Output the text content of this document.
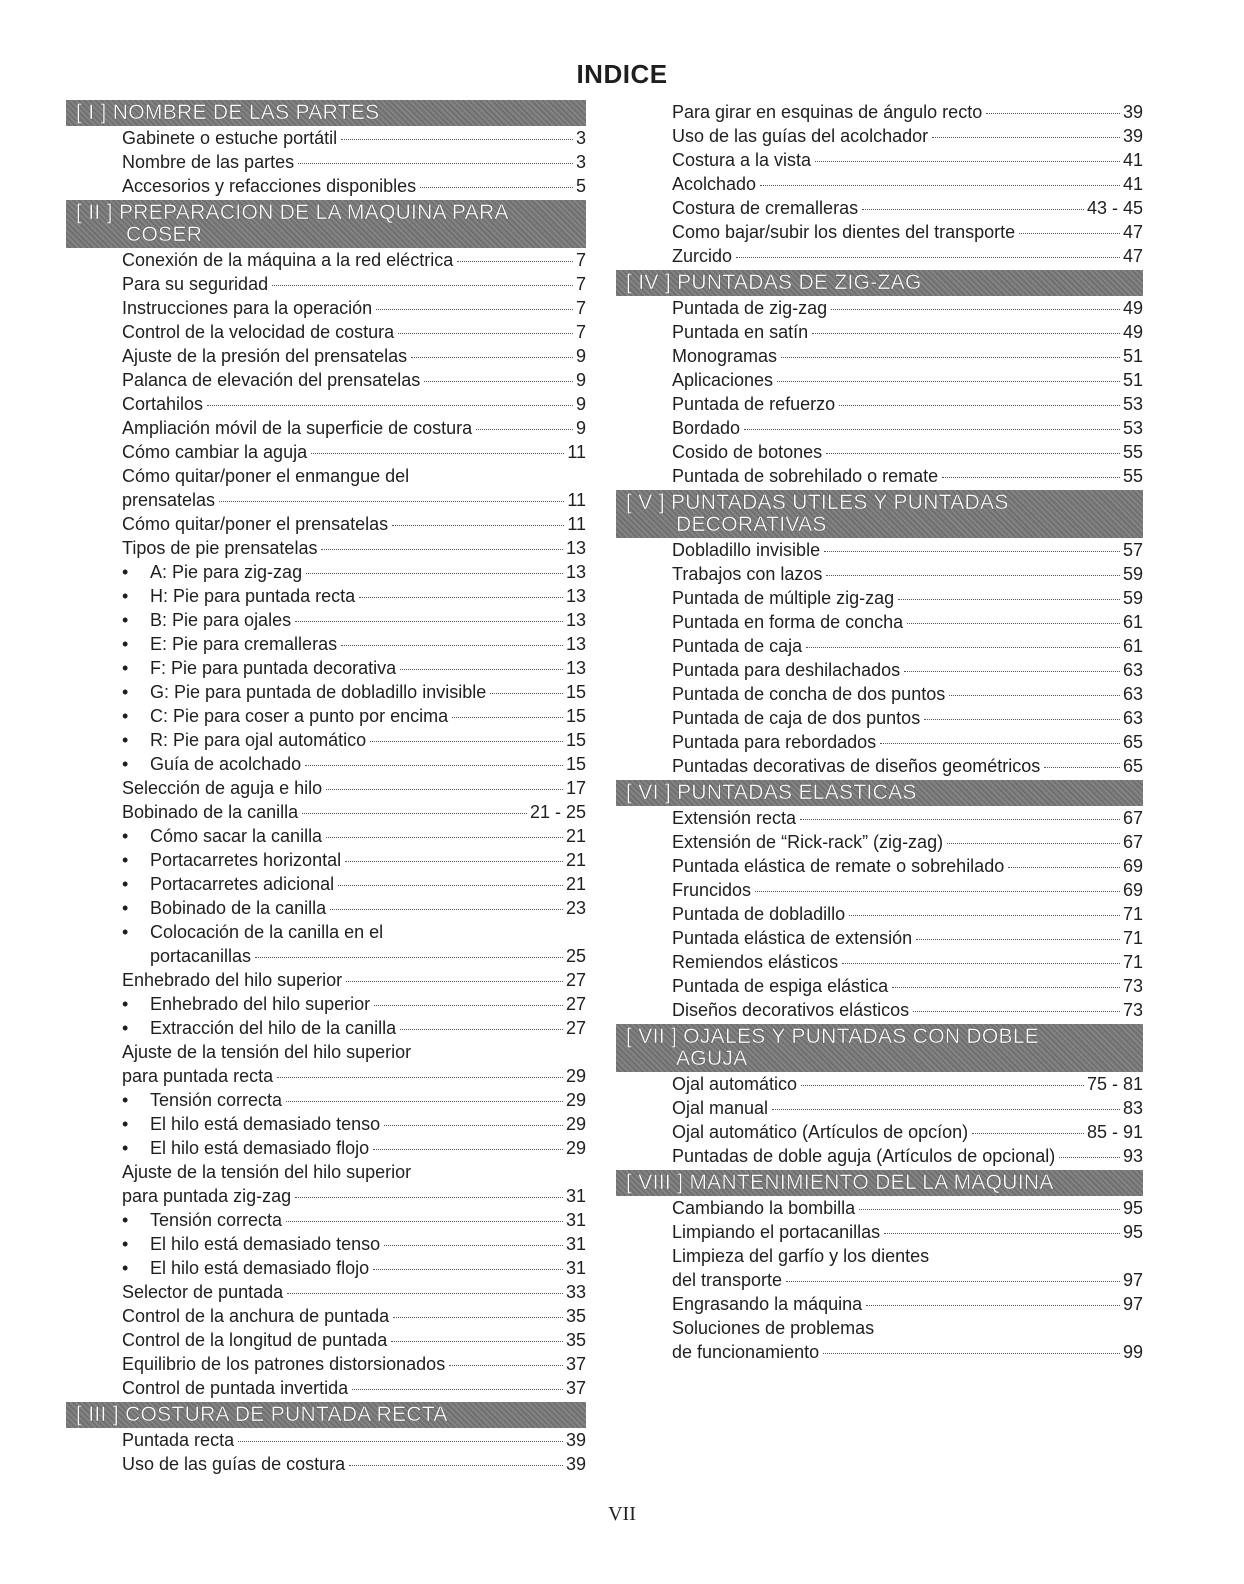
INDICE
[ I ] NOMBRE DE LAS PARTES
Gabinete o estuche portátil	3
Nombre de las partes	3
Accesorios y refacciones disponibles	5
[ II ] PREPARACION DE LA MAQUINA PARA
COSER
Conexión de la máquina a la red eléctrica	7
Para su seguridad	7
Instrucciones para la operación	7
Control de la velocidad de costura	7
Ajuste de la presión del prensatelas	9
Palanca de elevación del prensatelas	9
Cortahilos	9
Ampliación móvil de la superficie de costura	9
Cómo cambiar la aguja	11
Cómo quitar/poner el enmangue del
prensatelas	11
Cómo quitar/poner el prensatelas	11
Tipos de pie prensatelas	13
•	A: Pie para zig-zag	13
•	H: Pie para puntada recta	13
•	B: Pie para ojales	13
•	E: Pie para cremalleras	13
•	F: Pie para puntada decorativa	13
•	G: Pie para puntada de dobladillo invisible	15
•	C: Pie para coser a punto por encima	15
•	R: Pie para ojal automático	15
•	Guía de acolchado	15
Selección de aguja e hilo	17
Bobinado de la canilla	21 - 25
•	Cómo sacar la canilla	21
•	Portacarretes horizontal	21
•	Portacarretes adicional	21
•	Bobinado de la canilla	23
•	Colocación de la canilla en el
portacanillas	25
Enhebrado del hilo superior	27
•	Enhebrado del hilo superior	27
•	Extracción del hilo de la canilla	27
Ajuste de la tensión del hilo superior
para puntada recta	29
•	Tensión correcta	29
•	El hilo está demasiado tenso	29
•	El hilo está demasiado flojo	29
Ajuste de la tensión del hilo superior
para puntada zig-zag	31
•	Tensión correcta	31
•	El hilo está demasiado tenso	31
•	El hilo está demasiado flojo	31
Selector de puntada	33
Control de la anchura de puntada	35
Control de la longitud de puntada	35
Equilibrio de los patrones distorsionados	37
Control de puntada invertida	37
[ III ] COSTURA DE PUNTADA RECTA
Puntada recta	39
Uso de las guías de costura	39
Para girar en esquinas de ángulo recto	39
Uso de las guías del acolchador	39
Costura a la vista	41
Acolchado	41
Costura de cremalleras	43 - 45
Como bajar/subir los dientes del transporte	47
Zurcido	47
[ IV ] PUNTADAS DE ZIG-ZAG
Puntada de zig-zag	49
Puntada en satín	49
Monogramas	51
Aplicaciones	51
Puntada de refuerzo	53
Bordado	53
Cosido de botones	55
Puntada de sobrehilado o remate	55
[ V ] PUNTADAS UTILES Y PUNTADAS
DECORATIVAS
Dobladillo invisible	57
Trabajos con lazos	59
Puntada de múltiple zig-zag	59
Puntada en forma de concha	61
Puntada de caja	61
Puntada para deshilachados	63
Puntada de concha de dos puntos	63
Puntada de caja de dos puntos	63
Puntada para rebordados	65
Puntadas decorativas de diseños geométricos	65
[ VI ] PUNTADAS ELASTICAS
Extensión recta	67
Extensión de “Rick-rack” (zig-zag)	67
Puntada elástica de remate o sobrehilado	69
Fruncidos	69
Puntada de dobladillo	71
Puntada elástica de extensión	71
Remiendos elásticos	71
Puntada de espiga elástica	73
Diseños decorativos elásticos	73
[ VII ] OJALES Y PUNTADAS CON DOBLE
AGUJA
Ojal automático	75 - 81
Ojal manual	83
Ojal automático (Artículos de opcíon)	85 - 91
Puntadas de doble aguja (Artículos de opcional)	93
[ VIII ] MANTENIMIENTO DEL LA MAQUINA
Cambiando la bombilla	95
Limpiando el portacanillas	95
Limpieza del garfío y los dientes
del transporte	97
Engrasando la máquina	97
Soluciones de problemas
de funcionamiento	99
VII
